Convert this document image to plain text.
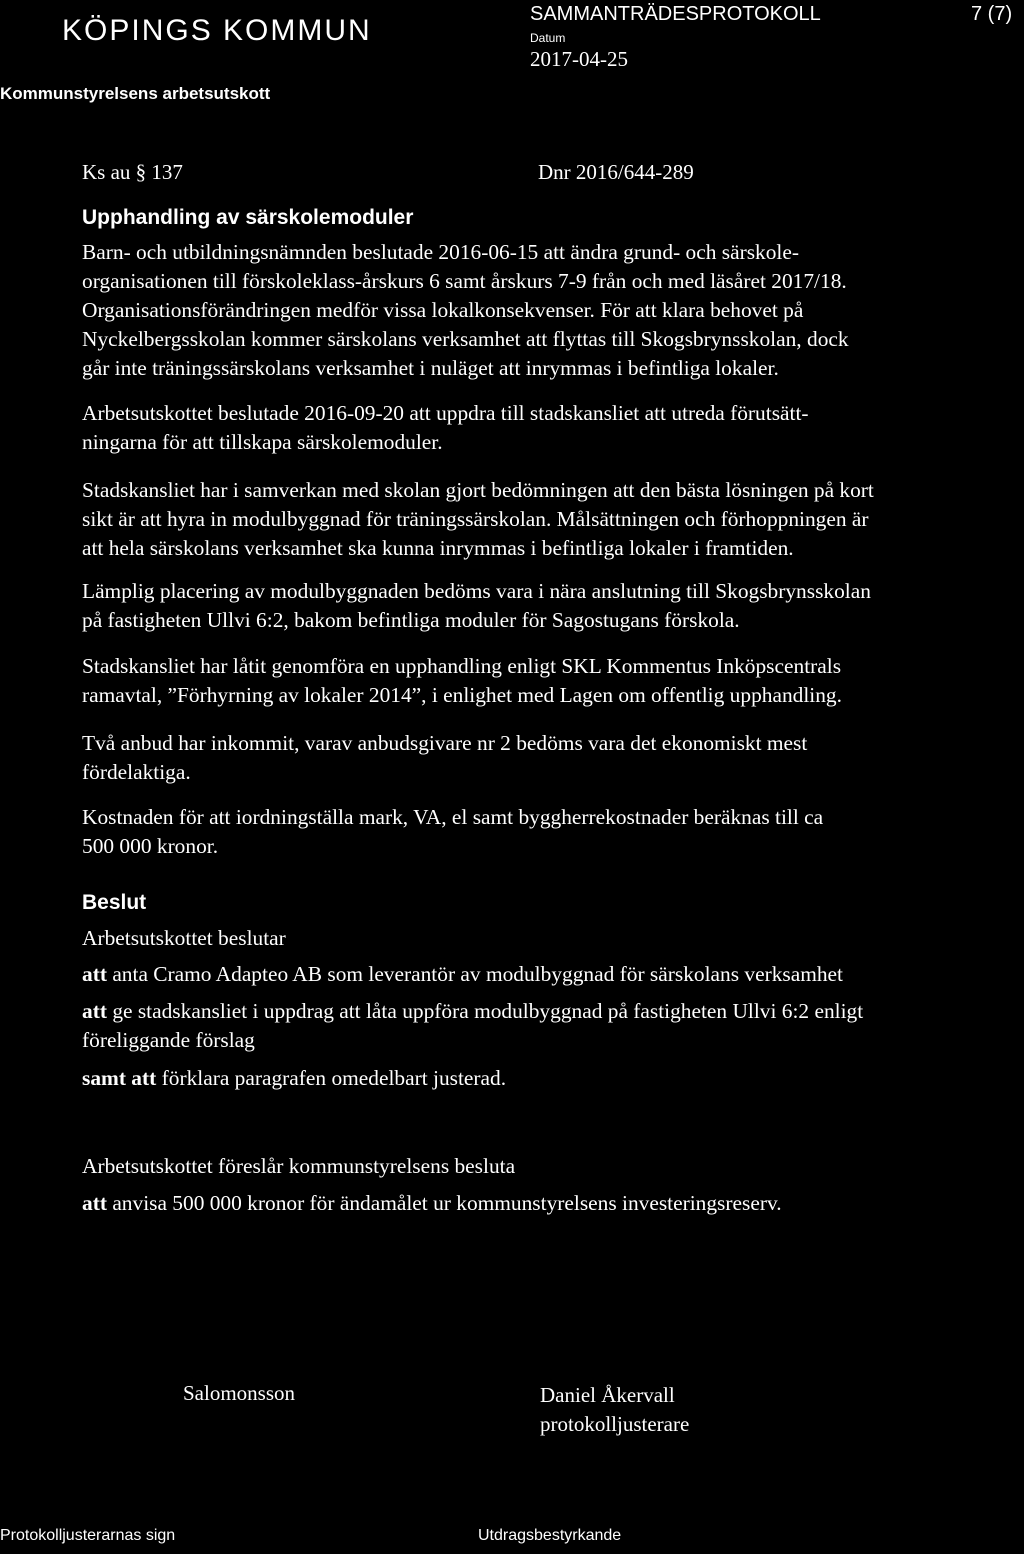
KÖPINGS KOMMUN
Kommunstyrelsens arbetsutskott
SAMMANTRÄDESPROTOKOLL
Datum
2017-04-25
7 (7)
Ks au § 137	Dnr 2016/644-289
Upphandling av särskolemoduler
Barn- och utbildningsnämnden beslutade 2016-06-15 att ändra grund- och särskole-
organisationen till förskoleklass-årskurs 6 samt årskurs 7-9 från och med läsåret 2017/18.
Organisationsförändringen medför vissa lokalkonsekvenser. För att klara behovet på
Nyckelbergsskolan kommer särskolans verksamhet att flyttas till Skogsbrynsskolan, dock
går inte träningssärskolans verksamhet i nuläget att inrymmas i befintliga lokaler.
Arbetsutskottet beslutade 2016-09-20 att uppdra till stadskansliet att utreda förutsätt-
ningarna för att tillskapa särskolemoduler.
Stadskansliet har i samverkan med skolan gjort bedömningen att den bästa lösningen på kort
sikt är att hyra in modulbyggnad för träningssärskolan. Målsättningen och förhoppningen är
att hela särskolans verksamhet ska kunna inrymmas i befintliga lokaler i framtiden.
Lämplig placering av modulbyggnaden bedöms vara i nära anslutning till Skogsbrynsskolan
på fastigheten Ullvi 6:2, bakom befintliga moduler för Sagostugans förskola.
Stadskansliet har låtit genomföra en upphandling enligt SKL Kommentus Inköpscentrals
ramavtal, ”Förhyrning av lokaler 2014”, i enlighet med Lagen om offentlig upphandling.
Två anbud har inkommit, varav anbudsgivare nr 2 bedöms vara det ekonomiskt mest
fördelaktiga.
Kostnaden för att iordningställa mark, VA, el samt byggherrekostnader beräknas till ca
500 000 kronor.
Beslut
Arbetsutskottet beslutar
att anta Cramo Adapteo AB som leverantör av modulbyggnad för särskolans verksamhet
att ge stadskansliet i uppdrag att låta uppföra modulbyggnad på fastigheten Ullvi 6:2 enligt
föreliggande förslag
samt att förklara paragrafen omedelbart justerad.
Arbetsutskottet föreslår kommunstyrelsens besluta
att anvisa 500 000 kronor för ändamålet ur kommunstyrelsens investeringsreserv.
Salomonsson	Daniel Åkervall
protokolljusterare
Protokolljusterarnas sign	Utdragsbestyrkande
